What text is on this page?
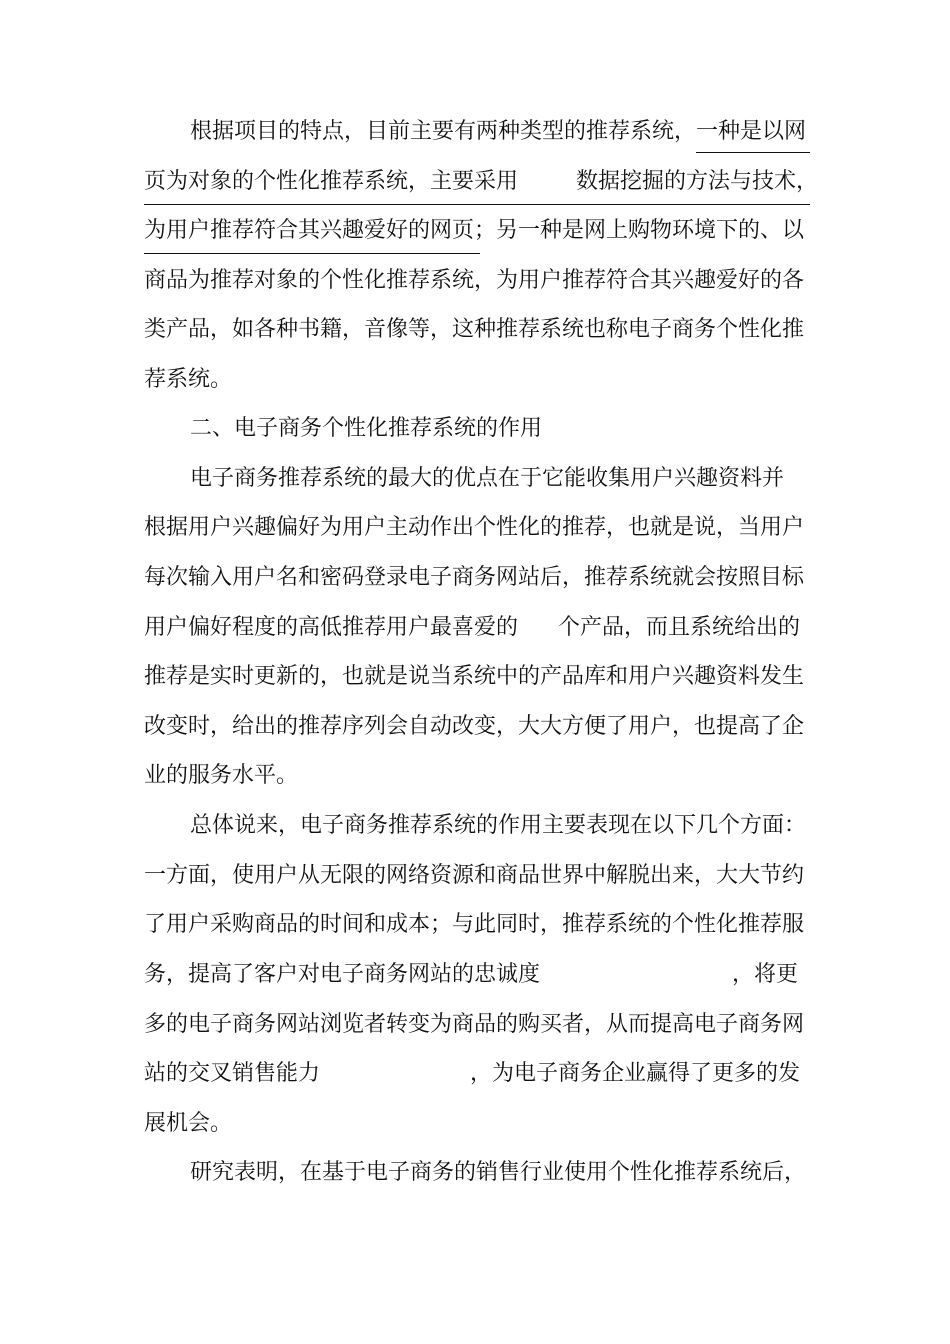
根据项目的特点，目前主要有两种类型的推荐系统，一种是以网
页为对象的个性化推荐系统，主要采用	数据挖掘的方法与技术，
为用户推荐符合其兴趣爱好的网页；另一种是网上购物环境下的、以
商品为推荐对象的个性化推荐系统，为用户推荐符合其兴趣爱好的各
类产品，如各种书籍，音像等，这种推荐系统也称电子商务个性化推
荐系统。
二、电子商务个性化推荐系统的作用
电子商务推荐系统的最大的优点在于它能收集用户兴趣资料并
根据用户兴趣偏好为用户主动作出个性化的推荐，也就是说，当用户
每次输入用户名和密码登录电子商务网站后，推荐系统就会按照目标
用户偏好程度的高低推荐用户最喜爱的 个产品，而且系统给出的
推荐是实时更新的，也就是说当系统中的产品库和用户兴趣资料发生
改变时，给出的推荐序列会自动改变，大大方便了用户，也提高了企
业的服务水平。
总体说来，电子商务推荐系统的作用主要表现在以下几个方面：
一方面，使用户从无限的网络资源和商品世界中解脱出来，大大节约
了用户采购商品的时间和成本；与此同时，推荐系统的个性化推荐服
务，提高了客户对电子商务网站的忠诚度	，将更
多的电子商务网站浏览者转变为商品的购买者，从而提高电子商务网
站的交叉销售能力	，为电子商务企业赢得了更多的发
展机会。
研究表明，在基于电子商务的销售行业使用个性化推荐系统后，
